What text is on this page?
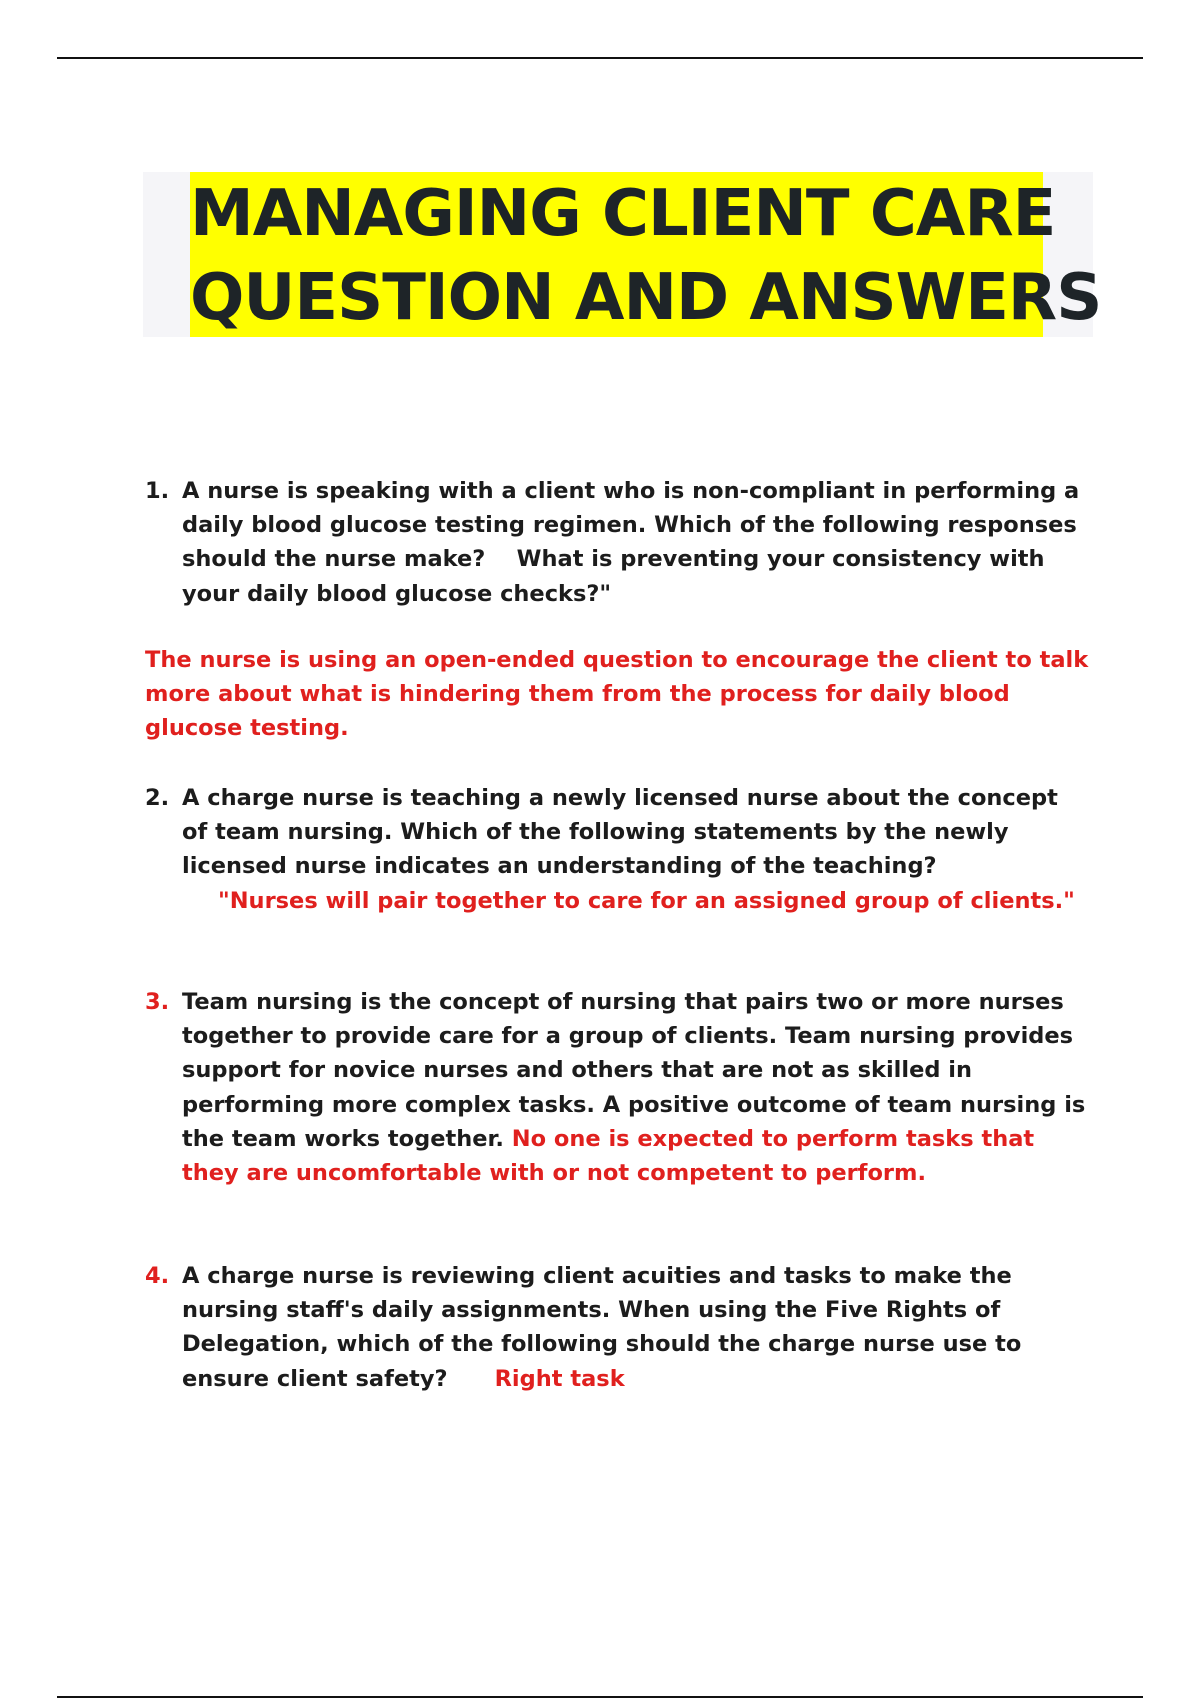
MANAGING CLIENT CARE
QUESTION AND ANSWERS
1. A nurse is speaking with a client who is non-compliant in performing a daily blood glucose testing regimen. Which of the following responses should the nurse make? What is preventing your consistency with your daily blood glucose checks?"
The nurse is using an open-ended question to encourage the client to talk more about what is hindering them from the process for daily blood glucose testing.
2. A charge nurse is teaching a newly licensed nurse about the concept of team nursing. Which of the following statements by the newly licensed nurse indicates an understanding of the teaching?
"Nurses will pair together to care for an assigned group of clients."
3. Team nursing is the concept of nursing that pairs two or more nurses together to provide care for a group of clients. Team nursing provides support for novice nurses and others that are not as skilled in performing more complex tasks. A positive outcome of team nursing is the team works together. No one is expected to perform tasks that they are uncomfortable with or not competent to perform.
4. A charge nurse is reviewing client acuities and tasks to make the nursing staff's daily assignments. When using the Five Rights of Delegation, which of the following should the charge nurse use to ensure client safety? Right task
